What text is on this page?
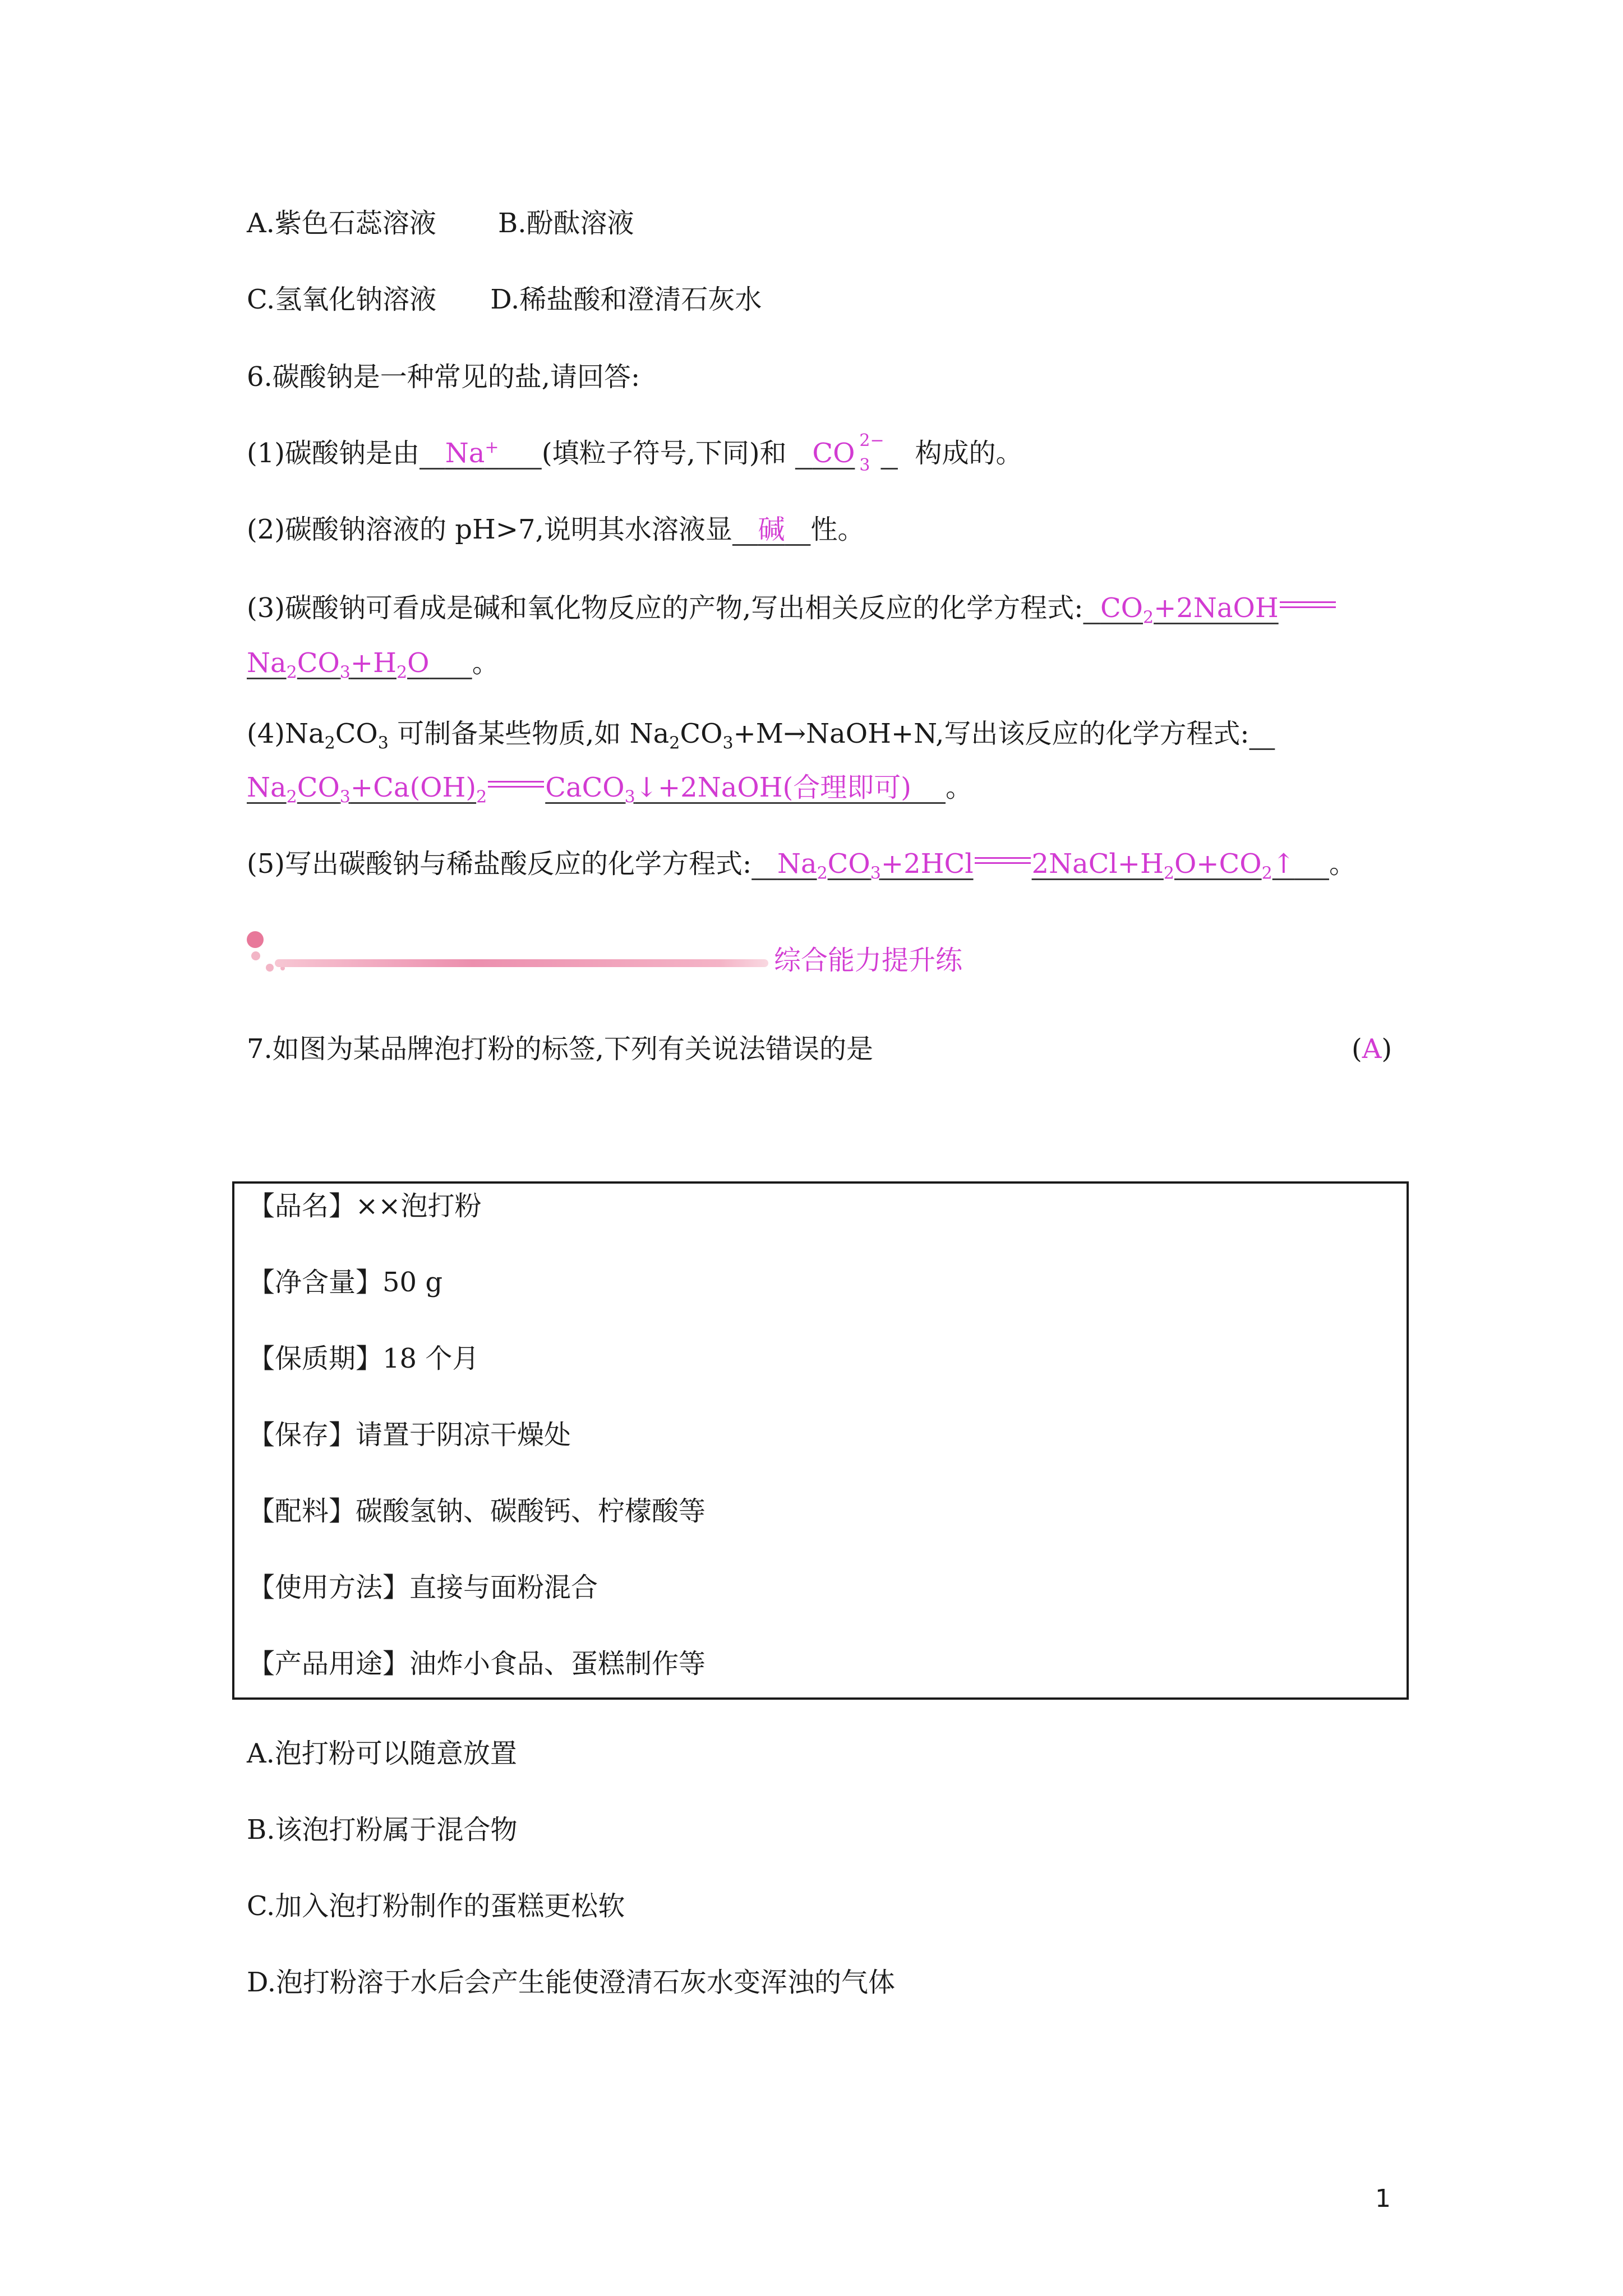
A.紫色石蕊溶液 B.酚酞溶液
C.氢氧化钠溶液 D.稀盐酸和澄清石灰水
6.碳酸钠是一种常见的盐,请回答:
(1)碳酸钠是由 Na+ (填粒子符号,下同)和 CO 2−
3 构成的。
(2)碳酸钠溶液的 pH>7,说明其水溶液显 碱 性。
(3)碳酸钠可看成是碱和氧化物反应的产物,写出相关反应的化学方程式: $CO_2+2NaOH$
$Na_2CO_3+H_2O$ 。
$(4)Na_2CO_3$ 可制备某些物质,如 $Na_2CO_3+M\to NaOH+N$,写出该反应的化学方程式:
$Na_2CO_3+Ca(OH)_2$ CaCO$_3$↓+2NaOH(合理即可) 。
(5)写出碳酸钠与稀盐酸反应的化学方程式: $Na_2CO_3+2HCl$ $2NaCl+H_2O+CO_2↑$ 。
综合能力提升练
7.如图为某品牌泡打粉的标签,下列有关说法错误的是	(A)
【品名】××泡打粉
【净含量】50 g
【保质期】18 个月
【保存】请置于阴凉干燥处
【配料】碳酸氢钠、碳酸钙、柠檬酸等
【使用方法】直接与面粉混合
【产品用途】油炸小食品、蛋糕制作等
A.泡打粉可以随意放置
B.该泡打粉属于混合物
C.加入泡打粉制作的蛋糕更松软
D.泡打粉溶于水后会产生能使澄清石灰水变浑浊的气体
1
